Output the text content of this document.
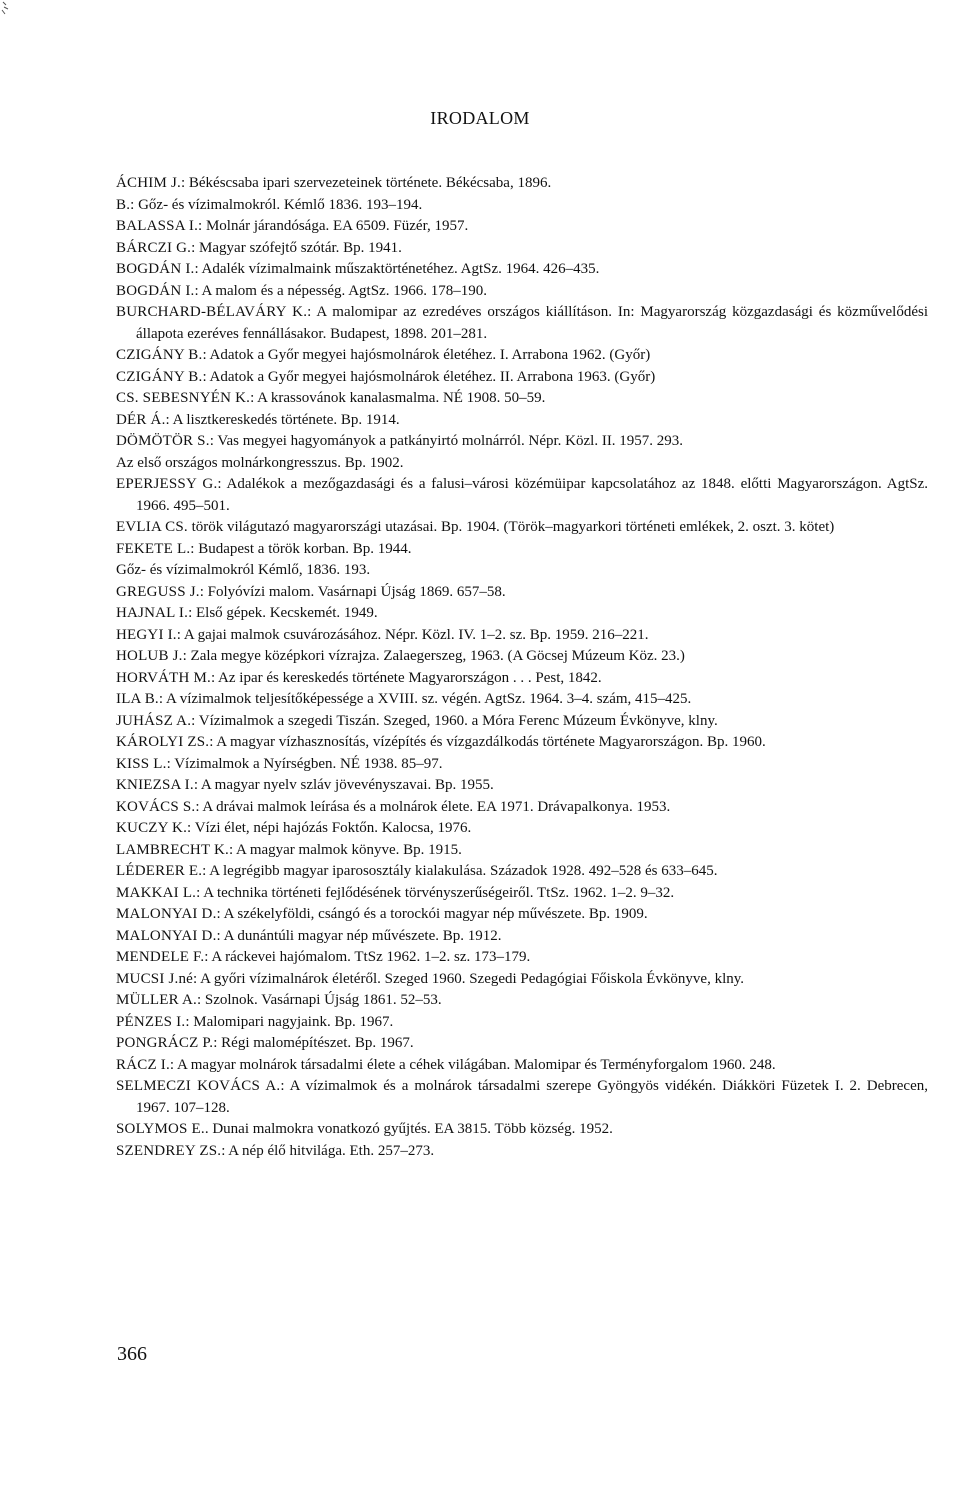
IRODALOM
ÁCHIM J.: Békéscsaba ipari szervezeteinek története. Békécsaba, 1896.
B.: Gőz- és vízimalmokról. Kémlő 1836. 193–194.
BALASSA I.: Molnár járandósága. EA 6509. Füzér, 1957.
BÁRCZI G.: Magyar szófejtő szótár. Bp. 1941.
BOGDÁN I.: Adalék vízimalmaink műszaktörténetéhez. AgtSz. 1964. 426–435.
BOGDÁN I.: A malom és a népesség. AgtSz. 1966. 178–190.
BURCHARD-BÉLAVÁRY K.: A malomipar az ezredéves országos kiállításon. In: Magyarország közgazdasági és közművelődési állapota ezeréves fennállásakor. Budapest, 1898. 201–281.
CZIGÁNY B.: Adatok a Győr megyei hajósmolnárok életéhez. I. Arrabona 1962. (Győr)
CZIGÁNY B.: Adatok a Győr megyei hajósmolnárok életéhez. II. Arrabona 1963. (Győr)
CS. SEBESNYÉN K.: A krassovánok kanalasmalma. NÉ 1908. 50–59.
DÉR Á.: A lisztkereskedés története. Bp. 1914.
DÖMÖTÖR S.: Vas megyei hagyományok a patkányirtó molnárról. Népr. Közl. II. 1957. 293.
Az első országos molnárkongresszus. Bp. 1902.
EPERJESSY G.: Adalékok a mezőgazdasági és a falusi–városi közémüipar kapcsolatához az 1848. előtti Magyarországon. AgtSz. 1966. 495–501.
EVLIA CS. török világutazó magyarországi utazásai. Bp. 1904. (Török–magyarkori történeti emlékek, 2. oszt. 3. kötet)
FEKETE L.: Budapest a török korban. Bp. 1944.
Gőz- és vízimalmokról Kémlő, 1836. 193.
GREGUSS J.: Folyóvízi malom. Vasárnapi Újság 1869. 657–58.
HAJNAL I.: Első gépek. Kecskemét. 1949.
HEGYI I.: A gajai malmok csuvározásához. Népr. Közl. IV. 1–2. sz. Bp. 1959. 216–221.
HOLUB J.: Zala megye középkori vízrajza. Zalaegerszeg, 1963. (A Göcsej Múzeum Köz. 23.)
HORVÁTH M.: Az ipar és kereskedés története Magyarországon . . . Pest, 1842.
ILA B.: A vízimalmok teljesítőképessége a XVIII. sz. végén. AgtSz. 1964. 3–4. szám, 415–425.
JUHÁSZ A.: Vízimalmok a szegedi Tiszán. Szeged, 1960. a Móra Ferenc Múzeum Évkönyve, klny.
KÁROLYI ZS.: A magyar vízhasznosítás, vízépítés és vízgazdálkodás története Magyarországon. Bp. 1960.
KISS L.: Vízimalmok a Nyírségben. NÉ 1938. 85–97.
KNIEZSA I.: A magyar nyelv szláv jövevényszavai. Bp. 1955.
KOVÁCS S.: A drávai malmok leírása és a molnárok élete. EA 1971. Drávapalkonya. 1953.
KUCZY K.: Vízi élet, népi hajózás Foktőn. Kalocsa, 1976.
LAMBRECHT K.: A magyar malmok könyve. Bp. 1915.
LÉDERER E.: A legrégibb magyar iparososztály kialakulása. Századok 1928. 492–528 és 633–645.
MAKKAI L.: A technika történeti fejlődésének törvényszerűségeiről. TtSz. 1962. 1–2. 9–32.
MALONYAI D.: A székelyföldi, csángó és a torockói magyar nép művészete. Bp. 1909.
MALONYAI D.: A dunántúli magyar nép művészete. Bp. 1912.
MENDELE F.: A ráckevei hajómalom. TtSz 1962. 1–2. sz. 173–179.
MUCSI J.né: A győri vízimalnárok életéről. Szeged 1960. Szegedi Pedagógiai Főiskola Évkönyve, klny.
MÜLLER A.: Szolnok. Vasárnapi Újság 1861. 52–53.
PÉNZES I.: Malomipari nagyjaink. Bp. 1967.
PONGRÁCZ P.: Régi malomépítészet. Bp. 1967.
RÁCZ I.: A magyar molnárok társadalmi élete a céhek világában. Malomipar és Terményforgalom 1960. 248.
SELMECZI KOVÁCS A.: A vízimalmok és a molnárok társadalmi szerepe Gyöngyös vidékén. Diákköri Füzetek I. 2. Debrecen, 1967. 107–128.
SOLYMOS E.. Dunai malmokra vonatkozó gyűjtés. EA 3815. Több község. 1952.
SZENDREY ZS.: A nép élő hitvilága. Eth. 257–273.
366
